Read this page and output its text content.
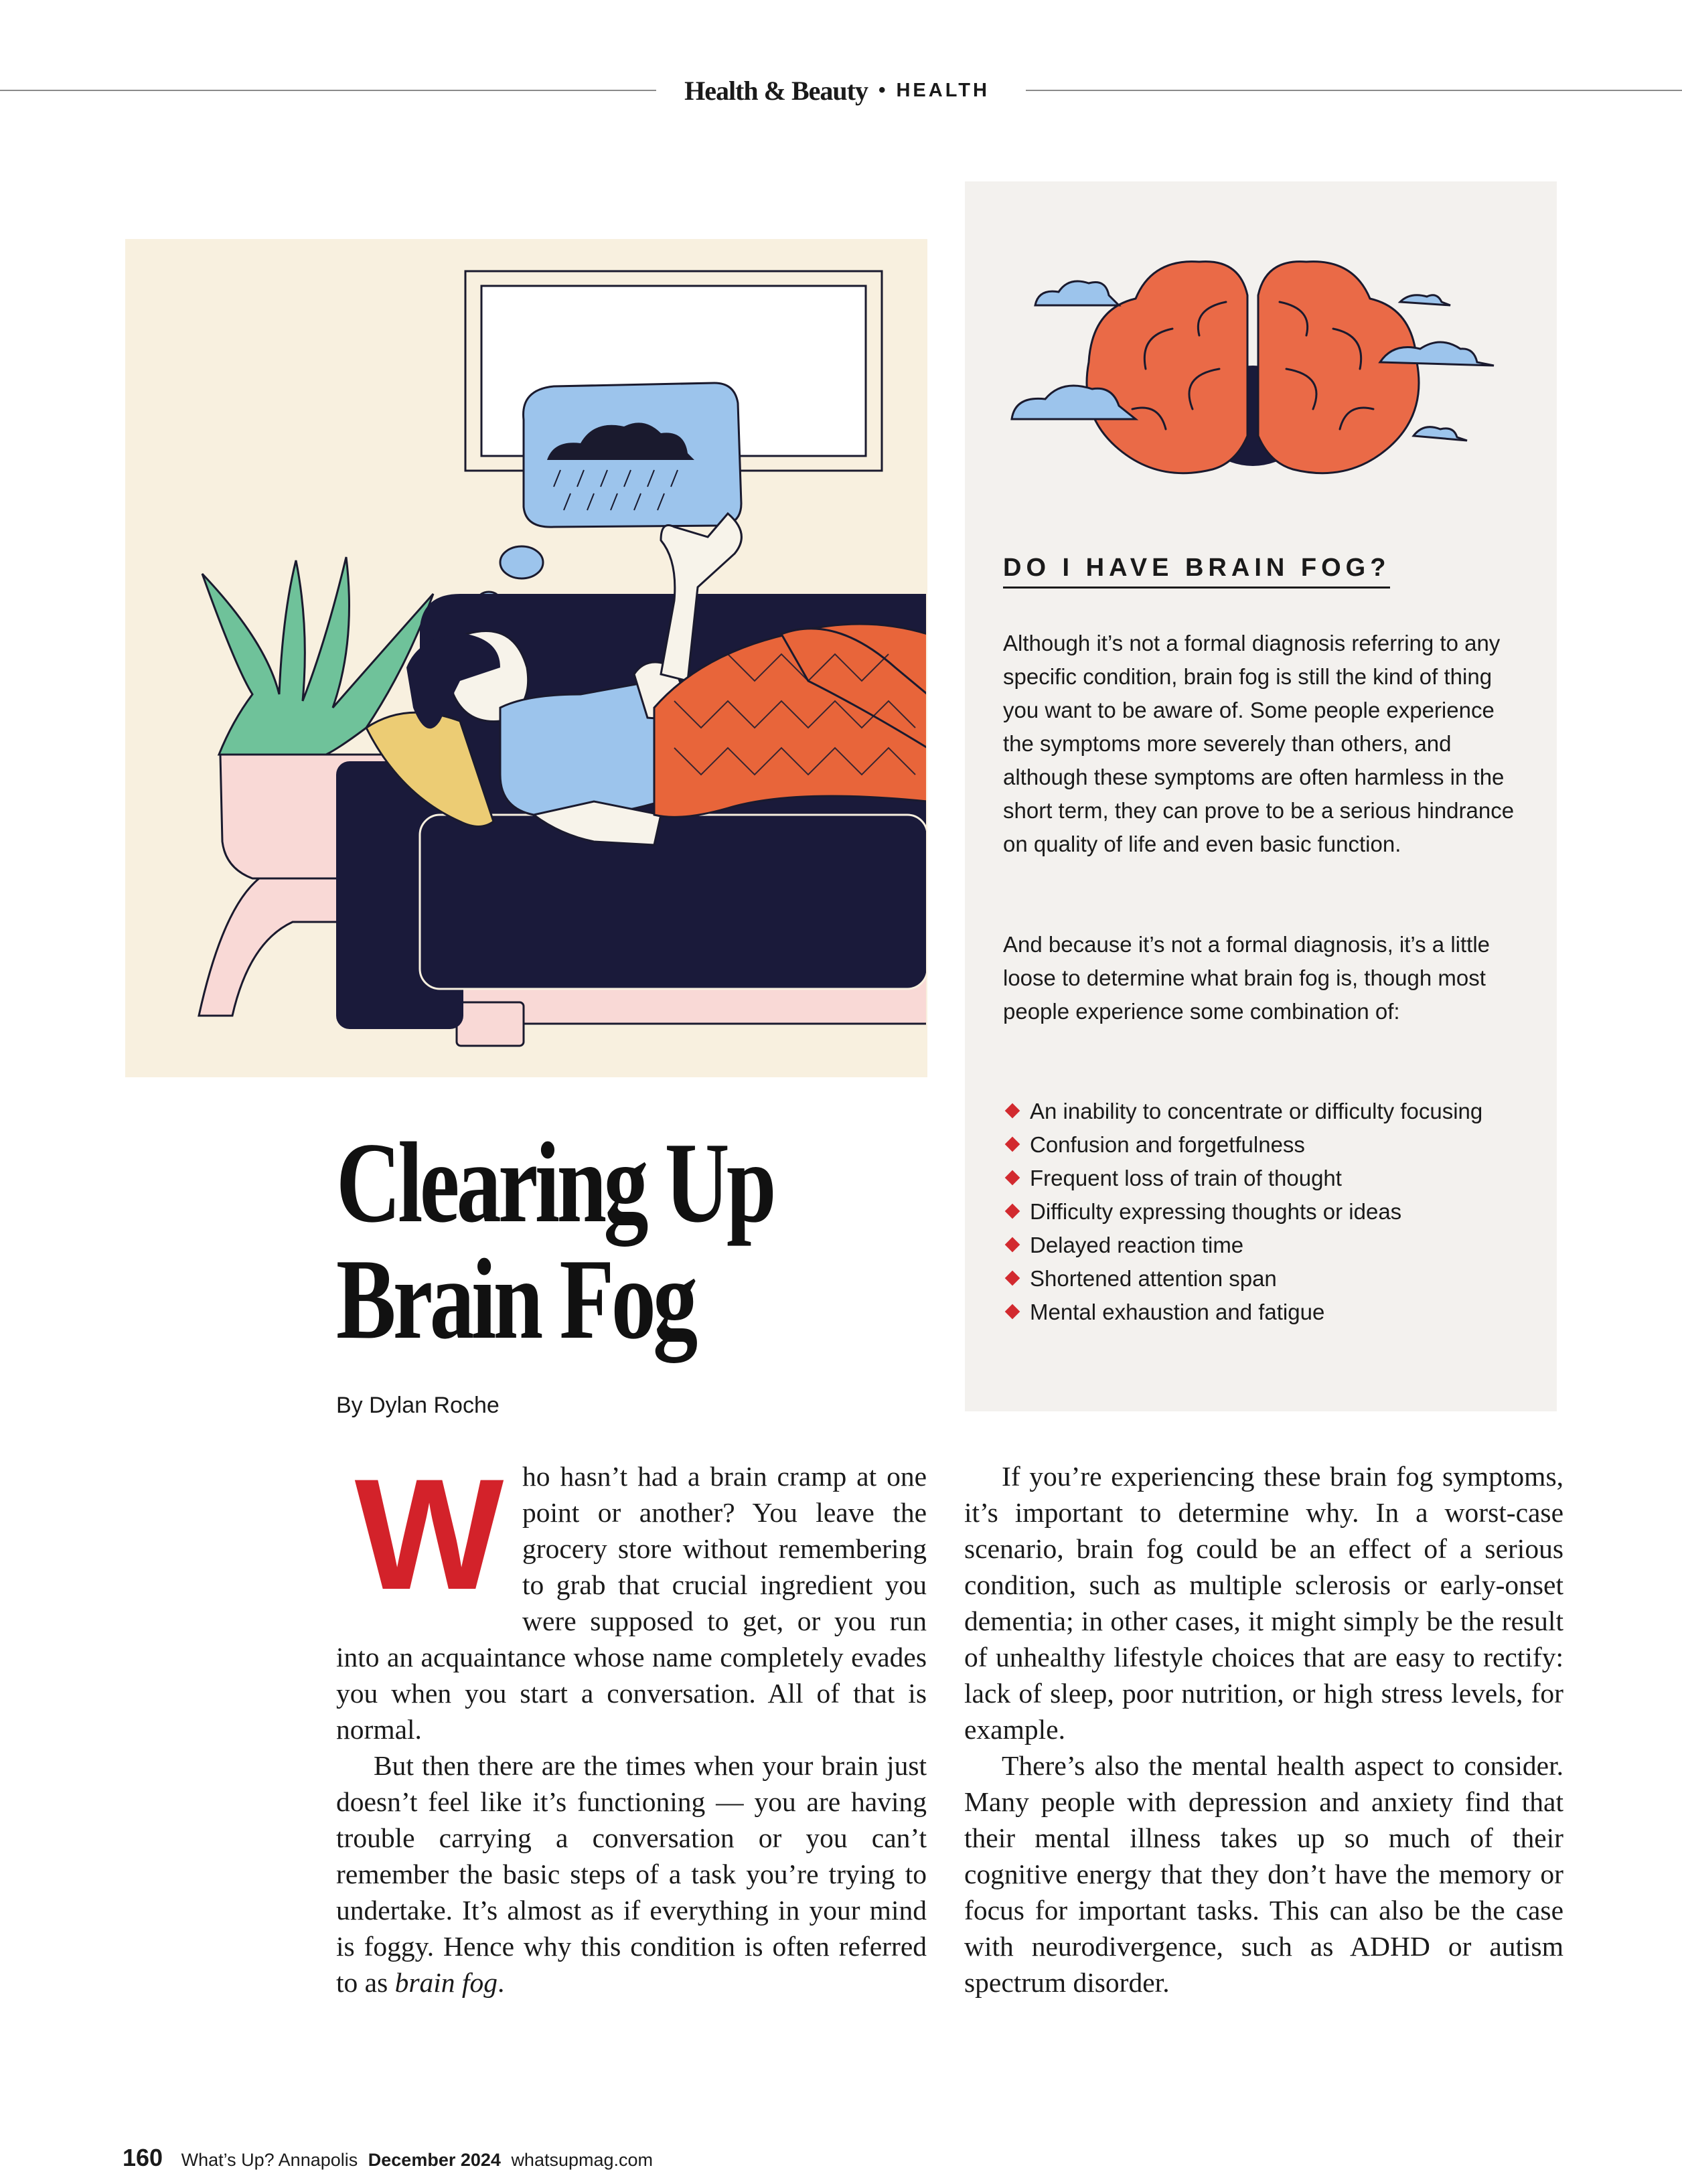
Health & Beauty • HEALTH
DO I HAVE BRAIN FOG?

Although it’s not a formal diagnosis referring to any specific condition, brain fog is still the kind of thing you want to be aware of. Some people experience the symptoms more severely than others, and although these symptoms are often harmless in the short term, they can prove to be a serious hindrance on quality of life and even basic function.

And because it’s not a formal diagnosis, it’s a little loose to determine what brain fog is, though most people experience some combination of:

An inability to concentrate or difficulty focusing
Confusion and forgetfulness
Frequent loss of train of thought
Difficulty expressing thoughts or ideas
Delayed reaction time
Shortened attention span
Mental exhaustion and fatigue
Clearing Up
Brain Fog
By Dylan Roche

Who hasn’t had a brain cramp at one point or another? You leave the grocery store without remembering to grab that crucial ingredient you were supposed to get, or you run into an acquaintance whose name completely evades you when you start a conversation. All of that is normal.

But then there are the times when your brain just doesn’t feel like it’s functioning — you are having trouble carrying a conversation or you can’t remember the basic steps of a task you’re trying to undertake. It’s almost as if everything in your mind is foggy. Hence why this condition is often referred to as brain fog.

If you’re experiencing these brain fog symptoms, it’s important to determine why. In a worst-case scenario, brain fog could be an effect of a serious condition, such as multiple sclerosis or early-onset dementia; in other cases, it might simply be the result of unhealthy lifestyle choices that are easy to rectify: lack of sleep, poor nutrition, or high stress levels, for example.

There’s also the mental health aspect to consider. Many people with depression and anxiety find that their mental illness takes up so much of their cognitive energy that they don’t have the memory or focus for important tasks. This can also be the case with neurodivergence, such as ADHD or autism spectrum disorder.

160 What’s Up? Annapolis December 2024 whatsupmag.com
